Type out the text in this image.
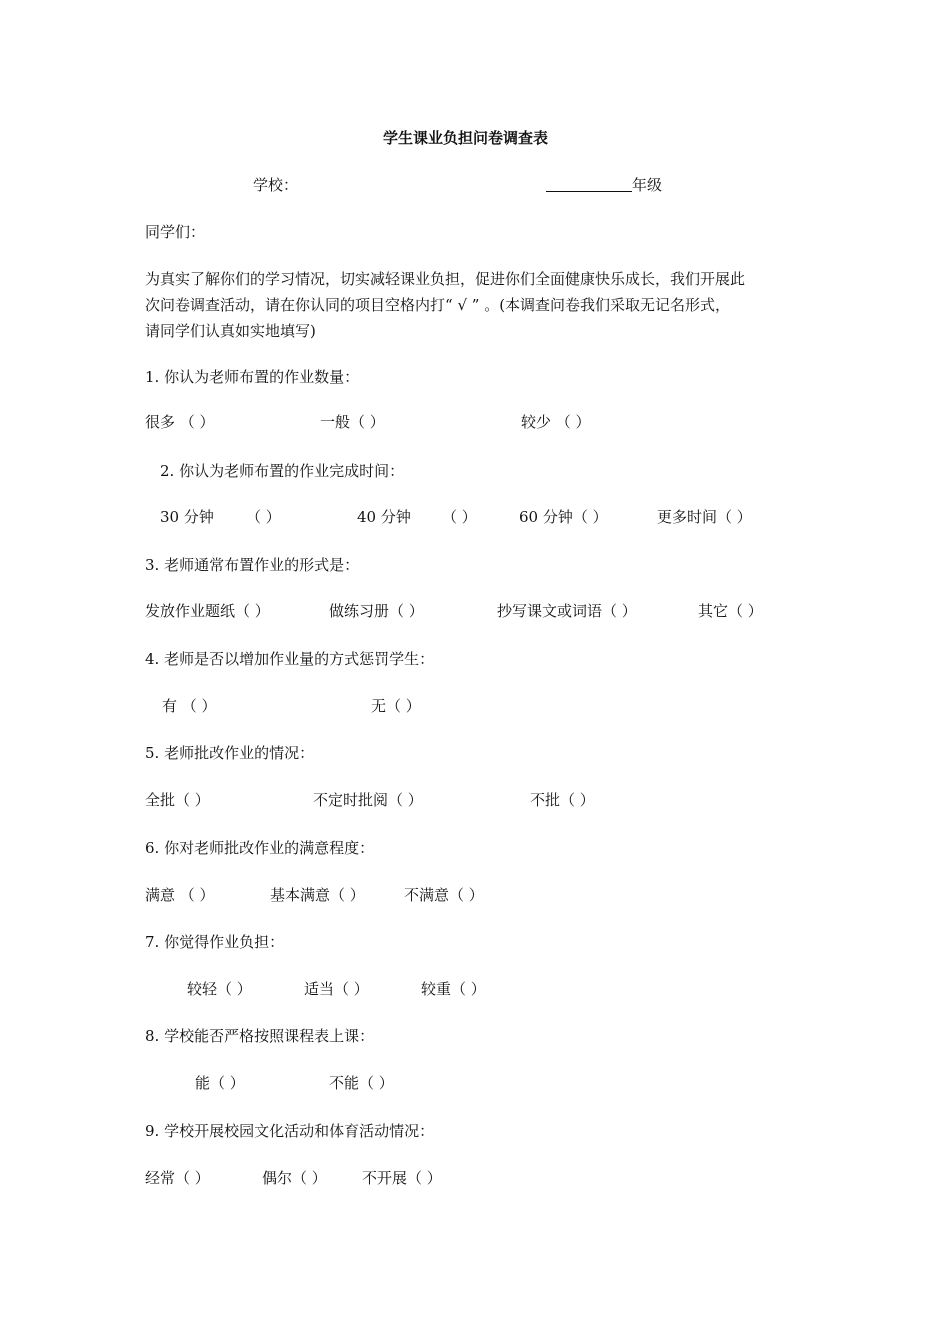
学生课业负担问卷调查表
学校：	年级
同学们：
为真实了解你们的学习情况，切实减轻课业负担，促进你们全面健康快乐成长，我们开展此
次问卷调查活动，请在你认同的项目空格内打“ √ ” 。(本调查问卷我们采取无记名形式，
请同学们认真如实地填写)
1. 你认为老师布置的作业数量：
很多 （ ）	一般（ ）	较少 （ ）
2. 你认为老师布置的作业完成时间：
30 分钟 （ ）	40 分钟 （ ）	60 分钟（ ）	更多时间（ ）
3. 老师通常布置作业的形式是：
发放作业题纸（ ）	做练习册（ ）	抄写课文或词语（ ）	其它（ ）
4. 老师是否以增加作业量的方式惩罚学生：
有 （ ）	无（ ）
5. 老师批改作业的情况：
全批（ ）	不定时批阅（ ）	不批（ ）
6. 你对老师批改作业的满意程度：
满意 （ ）	基本满意（ ）	不满意（ ）
7. 你觉得作业负担：
较轻（ ）	适当（ ）	较重（ ）
8. 学校能否严格按照课程表上课：
能（ ）	不能（ ）
9. 学校开展校园文化活动和体育活动情况：
经常（ ）	偶尔（ ） 不开展（ ）
